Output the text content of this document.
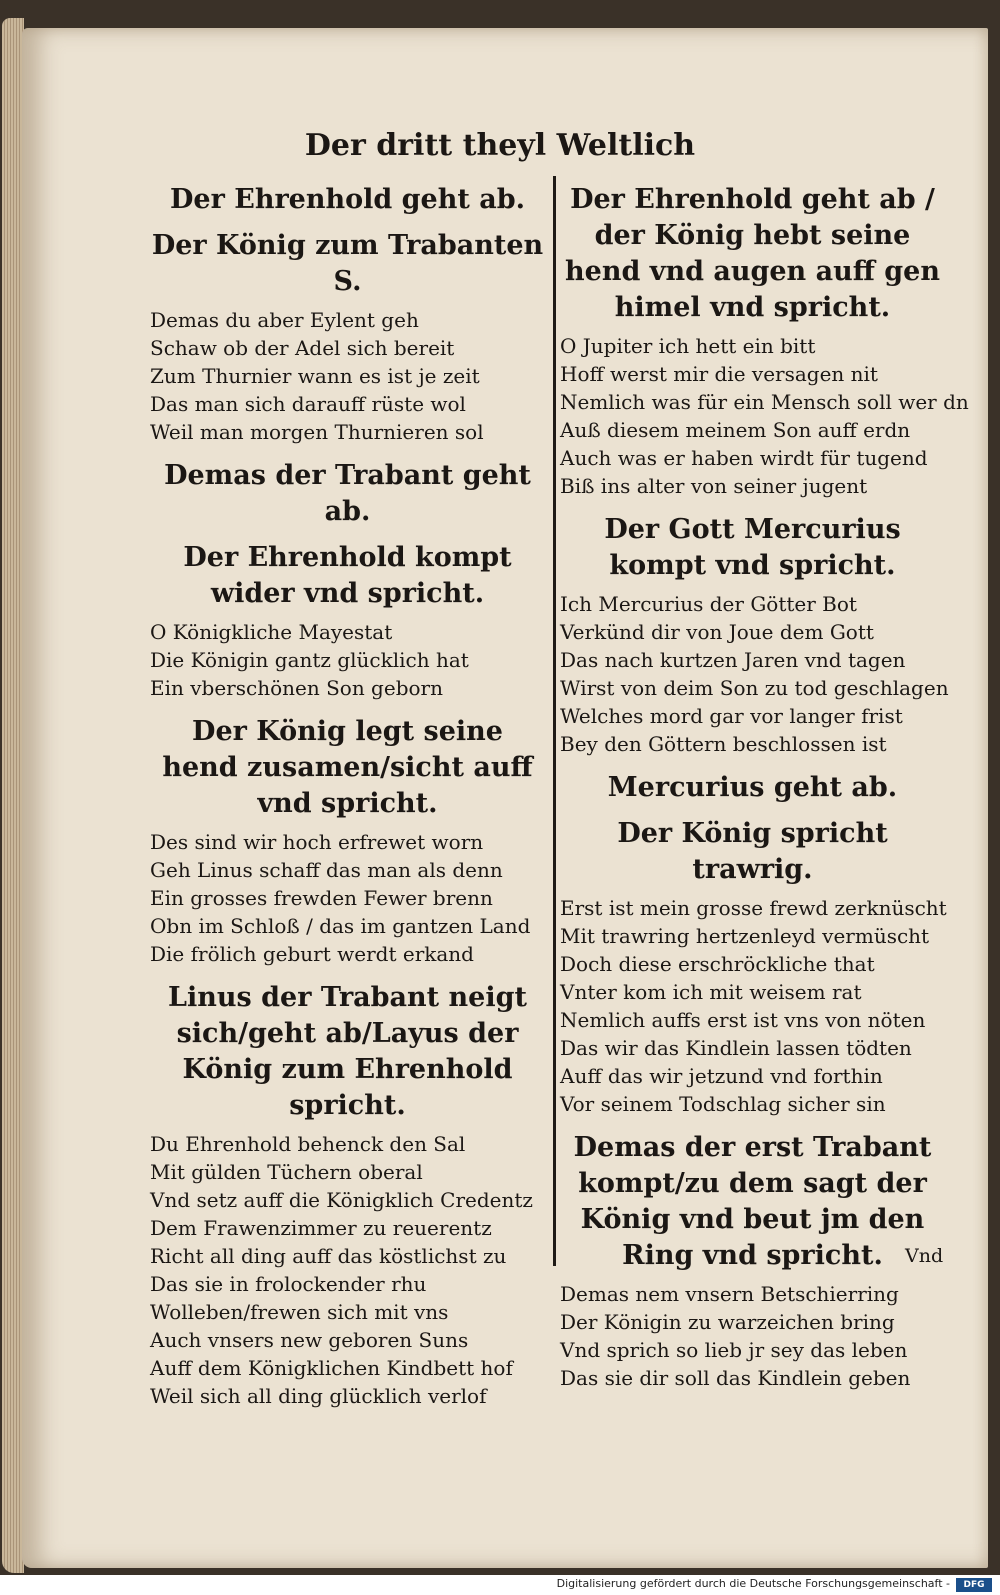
Der dritt theyl Weltlich
Der Ehrenhold geht ab.
Der König zum Trabanten S.
Demas du aber Eylent geh
Schaw ob der Adel sich bereit
Zum Thurnier wann es ist je zeit
Das man sich darauff rüste wol
Weil man morgen Thurnieren sol
Demas der Trabant geht ab.
Der Ehrenhold kompt wider vnd spricht.
O Königkliche Mayestat
Die Königin gantz glücklich hat
Ein vberschönen Son geborn
Der König legt seine hend zusamen/sicht auff vnd spricht.
Des sind wir hoch erfrewet worn
Geh Linus schaff das man als denn
Ein grosses frewden Fewer brenn
Obn im Schloß / das im gantzen Land
Die frölich geburt werdt erkand
Linus der Trabant neigt sich/geht ab/Layus der König zum Ehrenhold spricht.
Du Ehrenhold behenck den Sal
Mit gülden Tüchern oberal
Vnd setz auff die Königklich Credentz
Dem Frawenzimmer zu reuerentz
Richt all ding auff das köstlichst zu
Das sie in frolockender rhu
Wolleben/frewen sich mit vns
Auch vnsers new geboren Suns
Auff dem Königklichen Kindbett hof
Weil sich all ding glücklich verlof
Der Ehrenhold geht ab / der König hebt seine hend vnd augen auff gen himel vnd spricht.
O Jupiter ich hett ein bitt
Hoff werst mir die versagen nit
Nemlich was für ein Mensch soll wer dn
Auß diesem meinem Son auff erdn
Auch was er haben wirdt für tugend
Biß ins alter von seiner jugent
Der Gott Mercurius kompt vnd spricht.
Ich Mercurius der Götter Bot
Verkünd dir von Joue dem Gott
Das nach kurtzen Jaren vnd tagen
Wirst von deim Son zu tod geschlagen
Welches mord gar vor langer frist
Bey den Göttern beschlossen ist
Mercurius geht ab.
Der König spricht trawrig.
Erst ist mein grosse frewd zerknüscht
Mit trawring hertzenleyd vermüscht
Doch diese erschröckliche that
Vnter kom ich mit weisem rat
Nemlich auffs erst ist vns von nöten
Das wir das Kindlein lassen tödten
Auff das wir jetzund vnd forthin
Vor seinem Todschlag sicher sin
Demas der erst Trabant kompt/zu dem sagt der König vnd beut jm den Ring vnd spricht.
Demas nem vnsern Betschierring
Der Königin zu warzeichen bring
Vnd sprich so lieb jr sey das leben
Das sie dir soll das Kindlein geben
Vnd
Digitalisierung gefördert durch die Deutsche Forschungsgemeinschaft -	DFG
